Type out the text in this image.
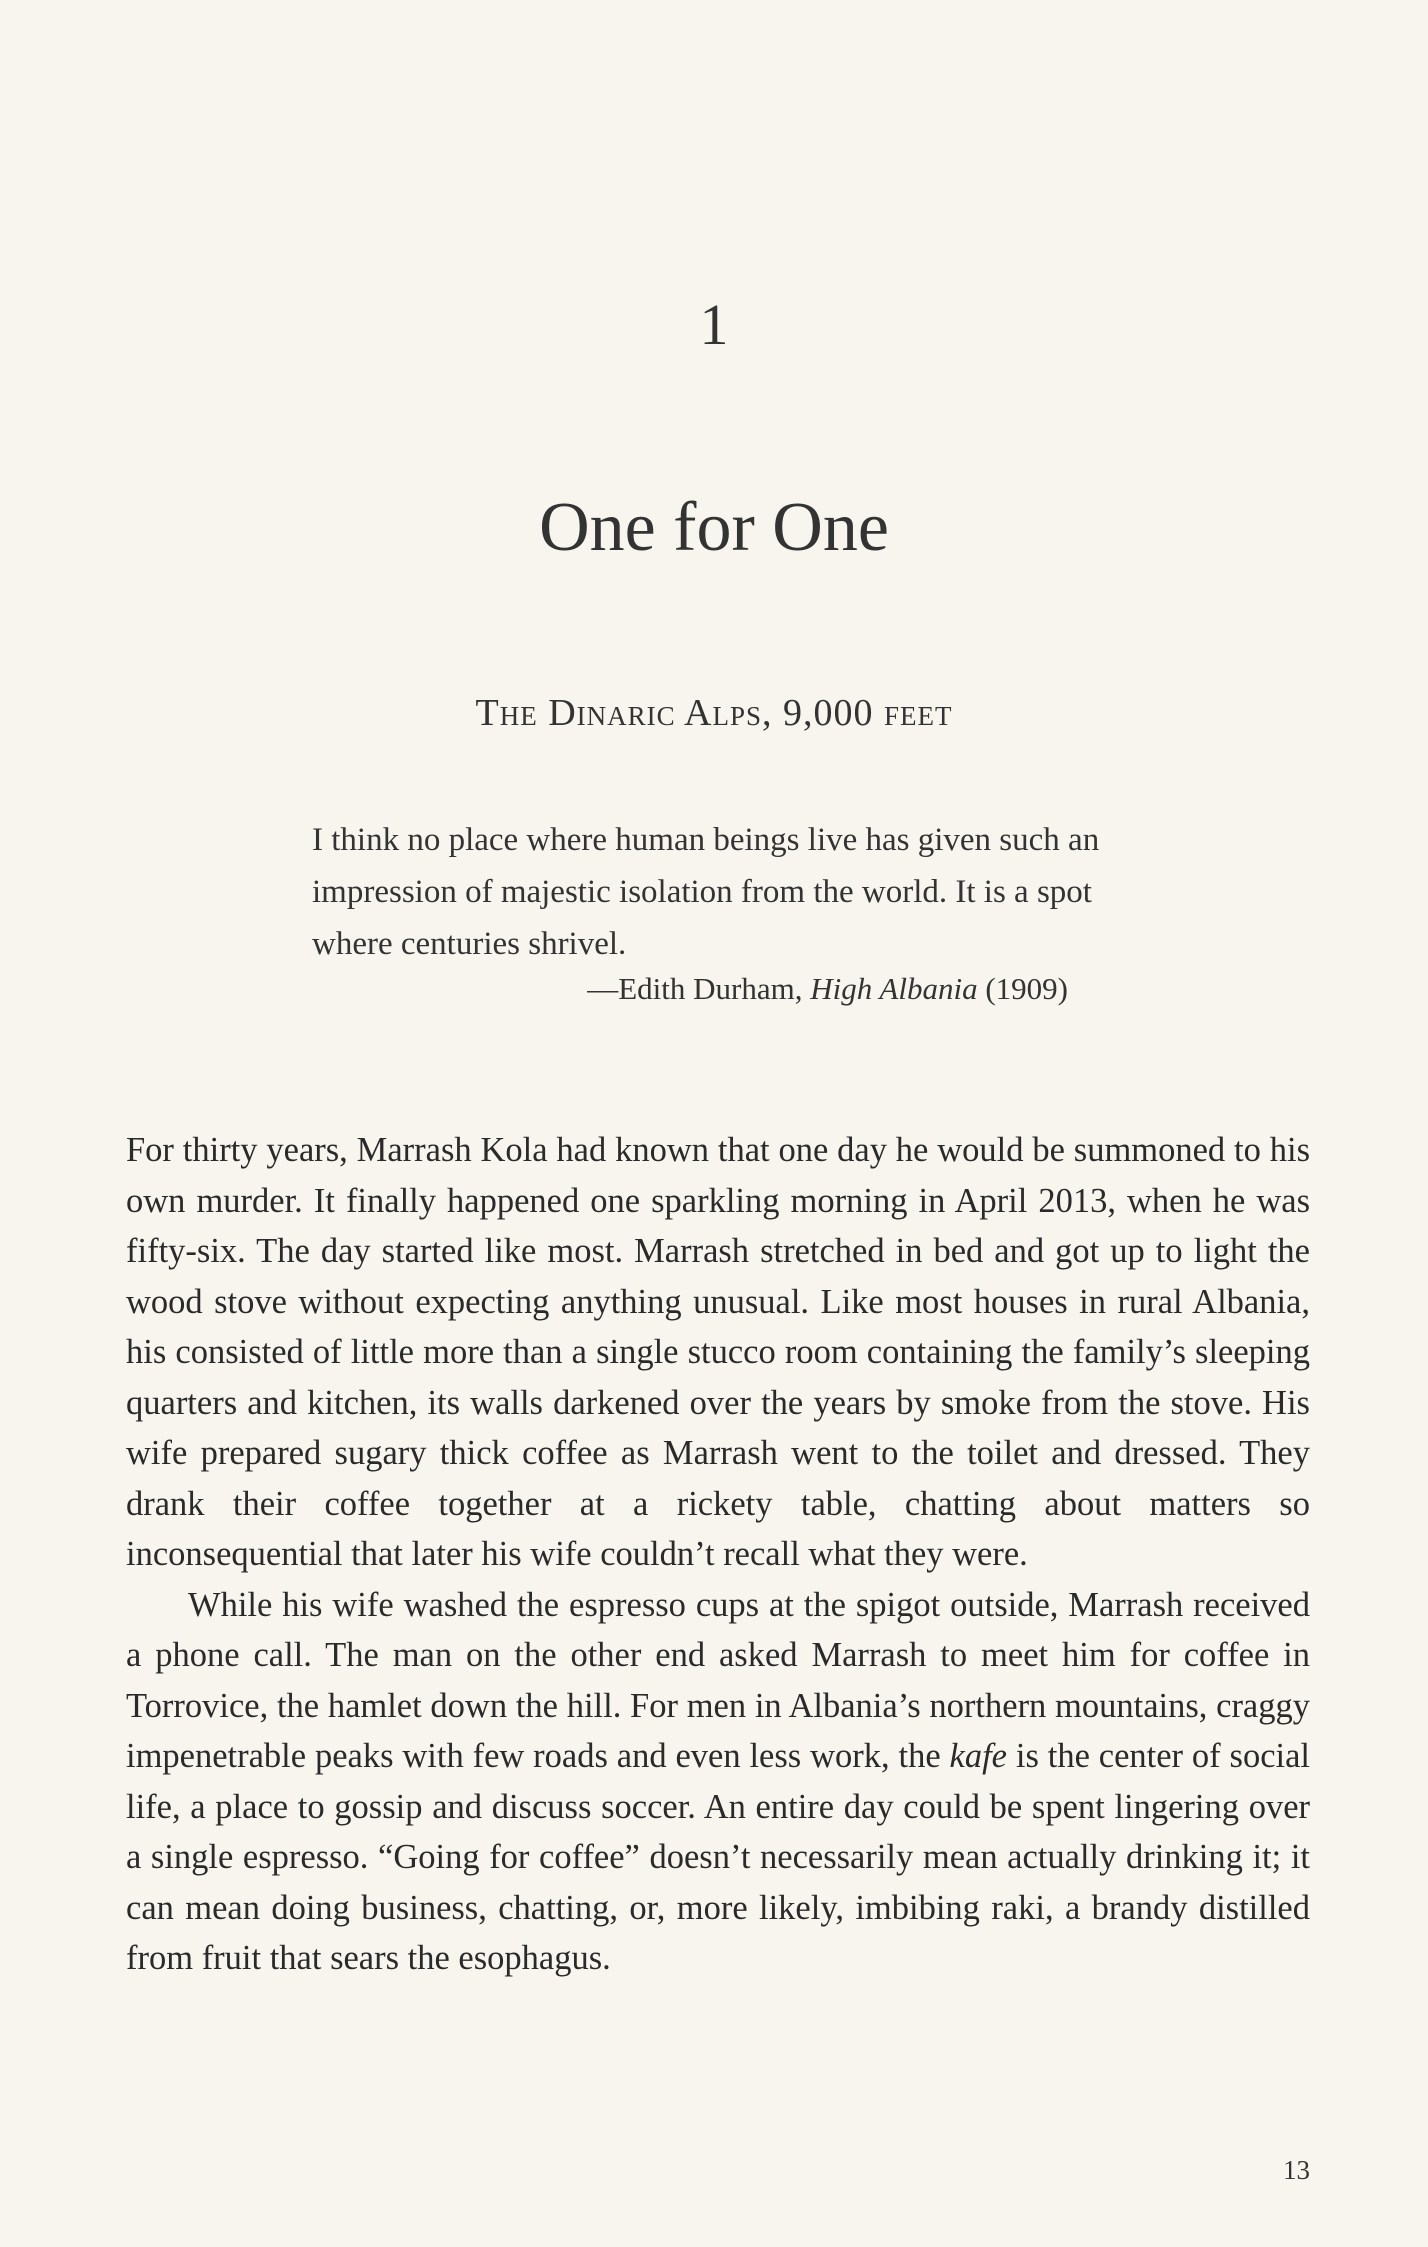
1
One for One
The Dinaric Alps, 9,000 feet

I think no place where human beings live has given such an impression of majestic isolation from the world. It is a spot where centuries shrivel.

—Edith Durham, High Albania (1909)

For thirty years, Marrash Kola had known that one day he would be summoned to his own murder. It finally happened one sparkling morning in April 2013, when he was fifty-six. The day started like most. Marrash stretched in bed and got up to light the wood stove without expecting anything unusual. Like most houses in rural Albania, his consisted of little more than a single stucco room containing the family’s sleeping quarters and kitchen, its walls darkened over the years by smoke from the stove. His wife prepared sugary thick coffee as Marrash went to the toilet and dressed. They drank their coffee together at a rickety table, chatting about matters so inconsequential that later his wife couldn’t recall what they were.

While his wife washed the espresso cups at the spigot outside, Marrash received a phone call. The man on the other end asked Marrash to meet him for coffee in Torrovice, the hamlet down the hill. For men in Albania’s northern mountains, craggy impenetrable peaks with few roads and even less work, the kafe is the center of social life, a place to gossip and discuss soccer. An entire day could be spent lingering over a single espresso. “Going for coffee” doesn’t necessarily mean actually drinking it; it can mean doing business, chatting, or, more likely, imbibing raki, a brandy distilled from fruit that sears the esophagus.

13
